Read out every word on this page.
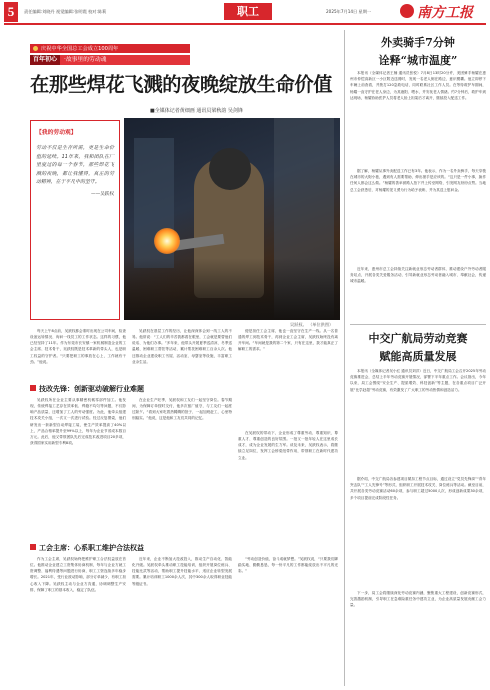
5	责任编辑:刘晓丹 视觉编辑:张明霞 校对:陈莉	职工	2025年7月14日 星期一	南方工报
庆祝中华全国总工会成立100周年
百年初心	·故事里的劳动魂
在那些焊花飞溅的夜晚绽放生命价值
■全媒体记者黄细画 通讯员梁秋韵 吴剑锋
【我的劳动观】
劳动不仅是生存所需，更是生命价值的延续。11年来，我和团队在厂里度过的每一个春节，那些焊花飞溅的夜晚，都让我懂得，真正的劳动精神，在于平凡中的坚守。
——吴跃权
吴跃权。 （单位供图）
每天上午8点前，吴跃权都会准时出现在公司车间，检查设备运转情况、询问一线员工的工作状态。这样的习惯，他已经坚持了11年。作为东莞市长安镇一家机械制造企业的工会主席、技术骨干，吴跃权既是技术革新的带头人，也是职工权益的守护者。“只要把职工的事放在心上，工作就有干劲。”他说。
技改先锋：创新驱动破解行业难题
吴跃权所在企业主要从事精密机械零部件加工。他发现，传统焊接工艺存在效率低、焊缝不均匀等问题，不仅影响产品质量，还增加了工人的劳动强度。为此，他牵头组建技术攻关小组，一次又一次进行试验。经过反复摸索，他们研发出一套新型自动焊接工装，使生产效率提高了40%以上，产品合格率提升至99%以上，每年为企业节省成本数百万元。此后，他又带领团队先后完成技术改进项目20多项，获得国家实用新型专利8项。
工会主席：心系职工维护合法权益
作为工会主席，吴跃权始终把维护职工合法权益放在首位。他推动企业建立工资集体协商机制，每年与企业方就工资调整、福利待遇等问题进行协商，职工工资连续多年稳步增长。2021年，受行业波动影响，部分订单减少，有职工担心收入下降。吴跃权主动与企业方沟通，协调调整生产安排，保障了职工的基本收入，稳定了队伍。
吴跃权在基层工作的经历，让他深深体会到一线工人的不易。他常说：“工人们的辛苦我都看在眼里，工会就是要替他们说话、为他们办事。”多年来，他带头开展夏季送清凉、冬季送温暖、困难职工帮扶等活动，累计帮扶困难职工百余人次。他还推动企业建设职工书屋、活动室、母婴室等设施，丰富职工业余生活。
在企业生产旺季，吴跃权和工友们一起坚守岗位。春节期间，为保障订单按时交付，他多次留厂值守，与工友们一起度过除夕。“看到大家吃着热腾腾的饺子、一起加班赶工，心里特别踏实。”他说，这是他和工友们共同的记忆。
近年来，企业不断加大技改投入，推动生产自动化、智能化升级。吴跃权牵头推动职工技能培训，组织开展岗位练兵、技能比武等活动，帮助职工提升技能水平，适应企业转型发展需要。累计培训职工1000余人次，其中300余人取得职业技能等级证书。
便是担任工会主席，他也一直坚守在生产一线。从一名普通的焊工到技术骨干，再到企业工会主席，吴跃权始终没有离开车间。“车间就是我的第二个家，只有在这里，我才能真正了解职工的需求。”
在吴跃权的带动下，企业形成了尊重劳动、尊重知识、尊重人才、尊重创造的良好氛围。一批又一批年轻人在这里成长成才，成为企业发展的生力军。谈及未来，吴跃权表示，将继续立足岗位，发挥工会桥梁纽带作用，带领职工在新时代建功立业。
“劳动创造价值，奋斗成就梦想。”吴跃权说，“只要我们脚踏实地、勤勤恳恳，每一份平凡的工作都能绽放出不平凡的光彩。”
外卖骑手7分钟
诠释“城市温度”
本报讯（全媒体记者王楠 通讯员张悦）7月8日13时20分许，美团骑手杨耀在惠州市仲恺高新区一小区附近送餐时，发现一名老人倒在路边，意识模糊。他立即停下车辆上前查看，并拨打120急救电话，同时联系社区工作人员。在等待救护车期间，杨耀一直守护在老人身边，为其遮阳、喂水，并安抚老人情绪。约7分钟后，救护车到达现场，杨耀协助医护人员将老人抬上担架后才离开，继续投入配送工作。
据了解，杨耀从事外卖配送工作已有3年。他表示，作为一名外卖骑手，每天穿梭在城市的大街小巷，遇到有人需要帮助，伸出援手是应该的。“这只是一件小事，换作任何人都会这么做。”杨耀的善举被路人拍下并上传至网络，引发网友纷纷点赞。当地总工会获悉后，对杨耀的见义勇为行为给予表彰，并为其送上慰问金。
近年来，惠州市总工会持续关注新就业形态劳动者群体，推动建设户外劳动者服务站点，开展各类关爱服务活动，引导新就业形态劳动者融入城市、奉献社会，传递城市温暖。
中交广航局劳动竞赛
赋能高质量发展
本报讯（全媒体记者吴小红 通讯员刘洋）近日，中交广航局工会召开2025年劳动竞赛推进会，总结上半年劳动竞赛开展情况，部署下半年重点工作。会议指出，今年以来，局工会围绕“安全生产、提质增效、科技创新”等主题，在各重点项目广泛开展“比学赶超”劳动竞赛，有效激发了广大职工的劳动热情和创造活力。
据介绍，中交广航局各参建项目紧扣工程节点目标，通过设立“党员先锋岗”“青年突击队”“工人先锋号”等形式，组织职工开展技术攻关、岗位练兵等活动。截至目前，共开展各类劳动竞赛活动60余项，参与职工超过5000人次，形成创新成果30余项，多个项目提前完成阶段性任务。
下一步，局工会将继续深化劳动竞赛内涵，聚焦重大工程建设，创新竞赛形式，完善激励机制，引导职工在急难险重任务中建功立业，为企业高质量发展贡献工会力量。
